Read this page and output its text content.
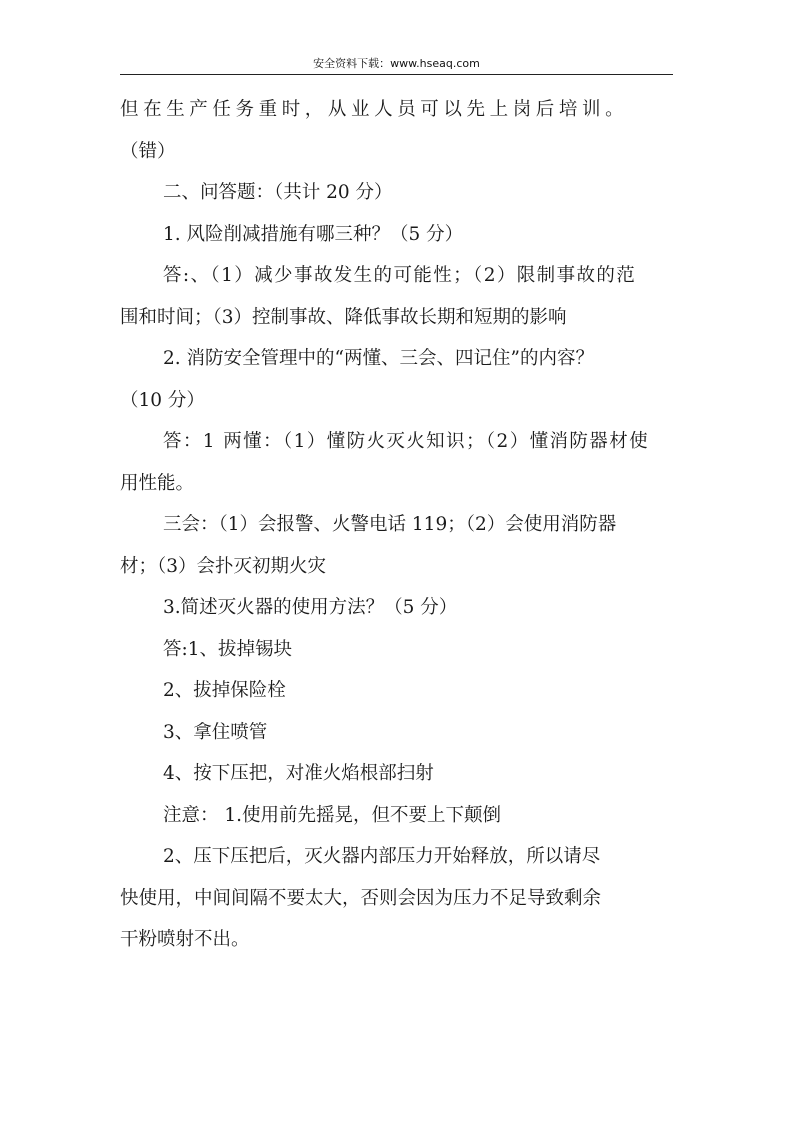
安全资料下载：www.hseaq.com
但在生产任务重时，从业人员可以先上岗后培训。
（错）
二、问答题：（共计 20 分）
1. 风险削减措施有哪三种？（5 分）
答:、（1）减少事故发生的可能性；（2）限制事故的范
围和时间；（3）控制事故、降低事故长期和短期的影响
2. 消防安全管理中的“两懂、三会、四记住”的内容？
（10 分）
答：1 两懂：（1）懂防火灭火知识；（2）懂消防器材使
用性能。
三会：（1）会报警、火警电话 119；（2）会使用消防器
材；（3）会扑灭初期火灾
3.简述灭火器的使用方法？（5 分）
答:1、拔掉锡块
2、拔掉保险栓
3、拿住喷管
4、按下压把，对准火焰根部扫射
注意： 1.使用前先摇晃，但不要上下颠倒
2、压下压把后，灭火器内部压力开始释放，所以请尽
快使用，中间间隔不要太大，否则会因为压力不足导致剩余
干粉喷射不出。
